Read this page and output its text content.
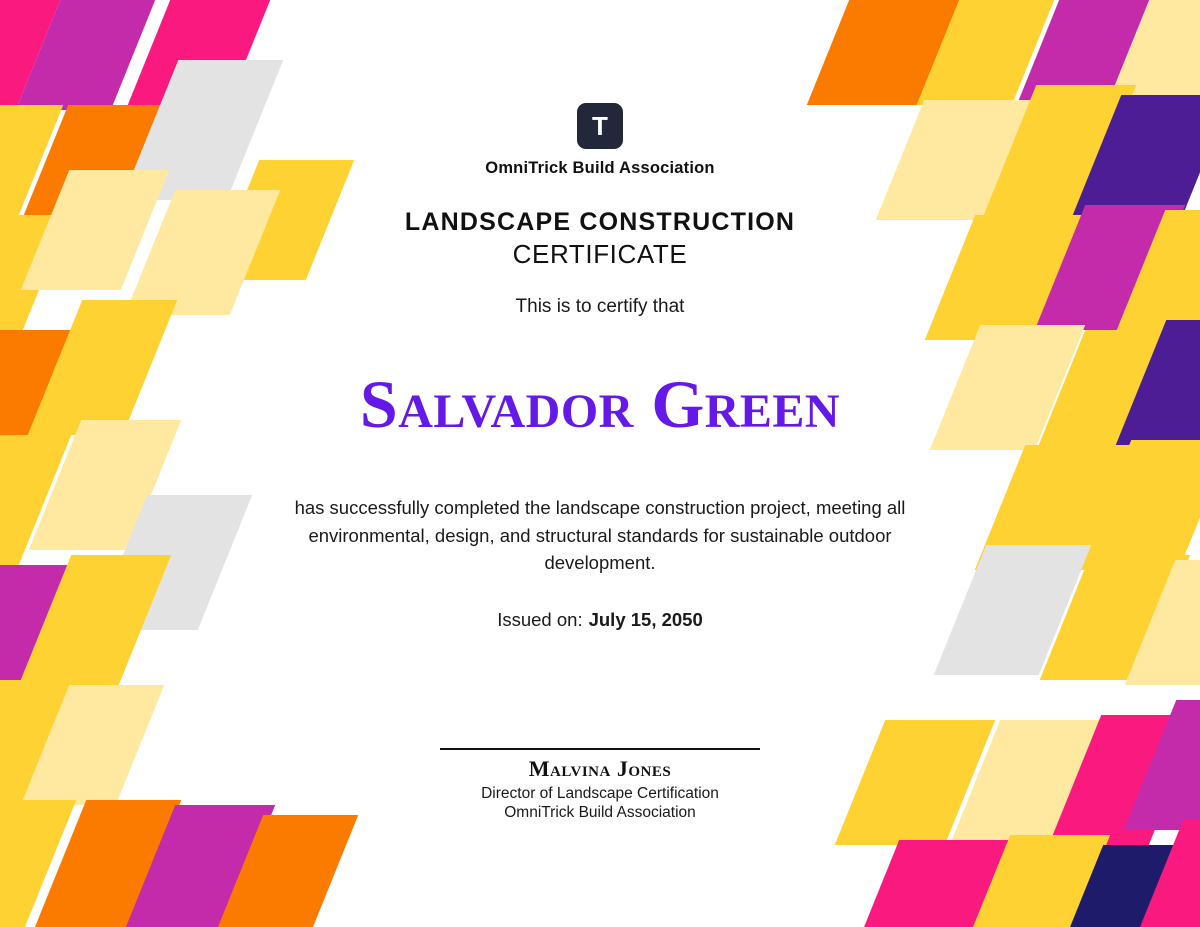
T
OmniTrick Build Association
LANDSCAPE CONSTRUCTION
CERTIFICATE
This is to certify that
Salvador Green
has successfully completed the landscape construction project, meeting all environmental, design, and structural standards for sustainable outdoor development.
Issued on: July 15, 2050
Malvina Jones
Director of Landscape Certification
OmniTrick Build Association
